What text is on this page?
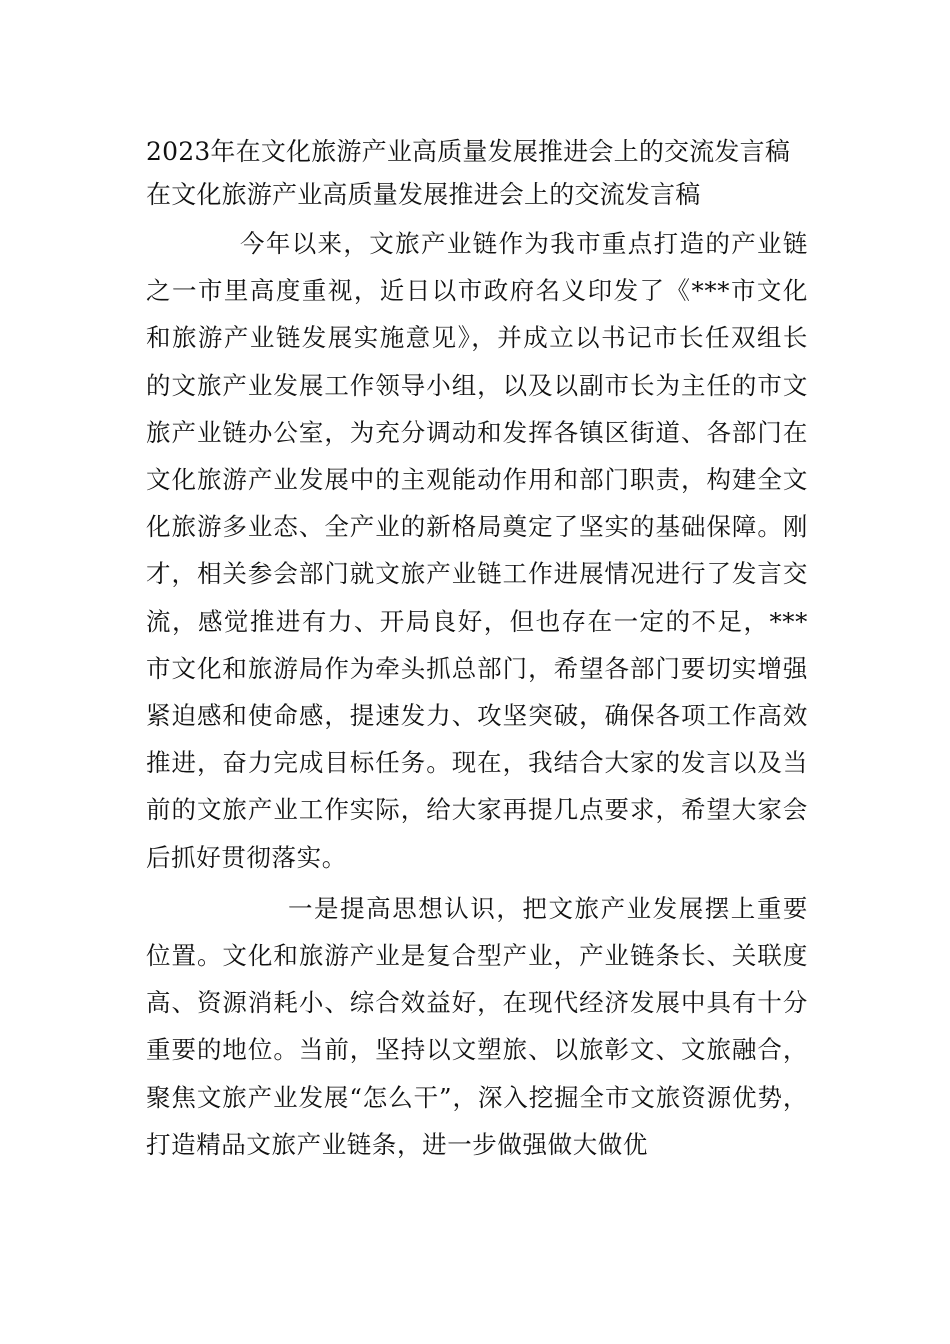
2023年在文化旅游产业高质量发展推进会上的交流发言稿
在文化旅游产业高质量发展推进会上的交流发言稿

今年以来，文旅产业链作为我市重点打造的产业链之一市里高度重视，近日以市政府名义印发了《***市文化和旅游产业链发展实施意见》，并成立以书记市长任双组长的文旅产业发展工作领导小组，以及以副市长为主任的市文旅产业链办公室，为充分调动和发挥各镇区街道、各部门在文化旅游产业发展中的主观能动作用和部门职责，构建全文化旅游多业态、全产业的新格局奠定了坚实的基础保障。刚才，相关参会部门就文旅产业链工作进展情况进行了发言交流，感觉推进有力、开局良好，但也存在一定的不足，***市文化和旅游局作为牵头抓总部门，希望各部门要切实增强紧迫感和使命感，提速发力、攻坚突破，确保各项工作高效推进，奋力完成目标任务。现在，我结合大家的发言以及当前的文旅产业工作实际，给大家再提几点要求，希望大家会后抓好贯彻落实。

一是提高思想认识，把文旅产业发展摆上重要位置。文化和旅游产业是复合型产业，产业链条长、关联度高、资源消耗小、综合效益好，在现代经济发展中具有十分重要的地位。当前，坚持以文塑旅、以旅彰文、文旅融合，聚焦文旅产业发展“怎么干”，深入挖掘全市文旅资源优势，打造精品文旅产业链条，进一步做强做大做优
